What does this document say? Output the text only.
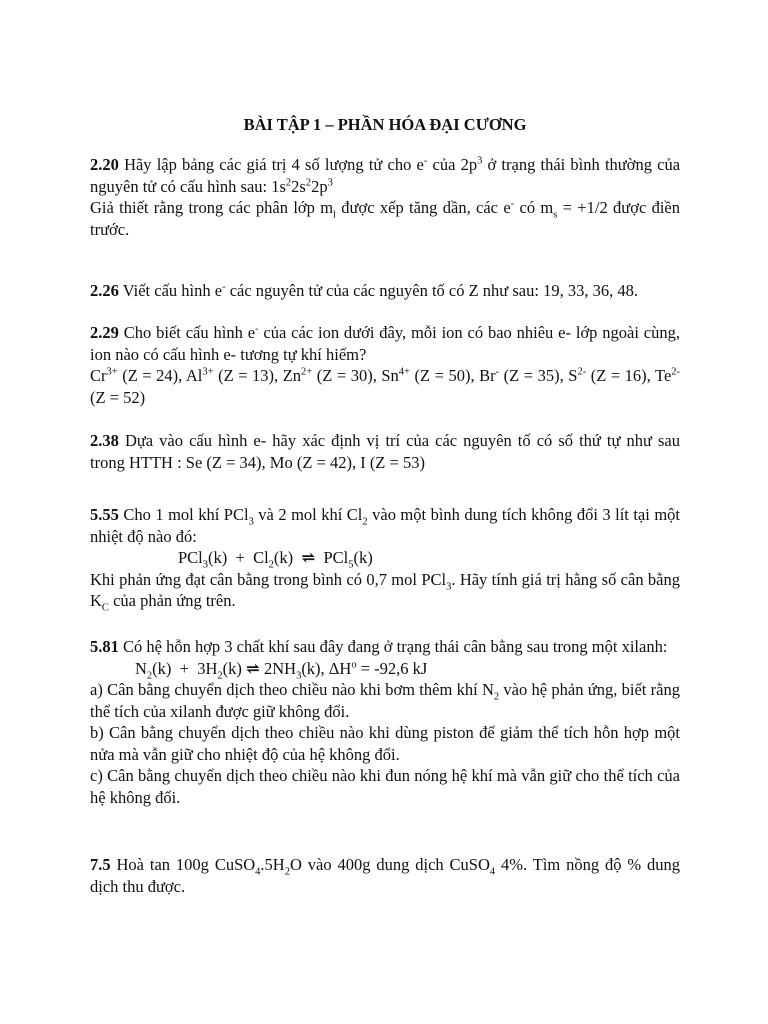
BÀI TẬP 1 – PHẦN HÓA ĐẠI CƯƠNG

2.20 Hãy lập bảng các giá trị 4 số lượng tử cho e- của $2p^3$ ở trạng thái bình thường của nguyên tử có cấu hình sau: $1s^22s^22p^3$

Giả thiết rằng trong các phân lớp $m_l$ được xếp tăng dần, các e- có $m_s = +1/2$ được điền trước.

2.26 Viết cấu hình e- các nguyên tử của các nguyên tố có Z như sau: 19, 33, 36, 48.

2.29 Cho biết cấu hình e- của các ion dưới đây, mỗi ion có bao nhiêu e- lớp ngoài cùng, ion nào có cấu hình e- tương tự khí hiếm?

$Cr^{3+}$ (Z = 24), $Al^{3+}$ (Z = 13), $Zn^{2+}$ (Z = 30), $Sn^{4+}$ (Z = 50), Br- (Z = 35), $S^{2-}$ (Z = 16), $Te^{2-}$ (Z = 52)

2.38 Dựa vào cấu hình e- hãy xác định vị trí của các nguyên tố có số thứ tự như sau trong HTTH : Se (Z = 34), Mo (Z = 42), I (Z = 53)

5.55 Cho 1 mol khí PCl$_3$ và 2 mol khí $Cl_2$ vào một bình dung tích không đổi 3 lít tại một nhiệt độ nào đó:

$PCl_3(k) + Cl_2(k)$ ⇌ PCl$_5$(k)

Khi phản ứng đạt cân bằng trong bình có 0,7 mol PCl$_3$. Hãy tính giá trị hằng số cân bằng $K_C$ của phản ứng trên.

5.81 Có hệ hỗn hợp 3 chất khí sau đây đang ở trạng thái cân bằng sau trong một xilanh:

$N_2(k) + 3H_2(k)$ ⇌ $2NH_3(k)$, $\Delta H^o = -92,6$ kJ

a) Cân bằng chuyển dịch theo chiều nào khi bơm thêm khí $N_2$ vào hệ phản ứng, biết rằng thể tích của xilanh được giữ không đổi.

b) Cân bằng chuyển dịch theo chiều nào khi dùng piston để giảm thể tích hỗn hợp một nửa mà vẫn giữ cho nhiệt độ của hệ không đổi.

c) Cân bằng chuyển dịch theo chiều nào khi đun nóng hệ khí mà vẫn giữ cho thể tích của hệ không đổi.

7.5 Hoà tan 100g $CuSO_4.5H_2O$ vào 400g dung dịch CuSO$_4$ 4%. Tìm nồng độ % dung dịch thu được.
